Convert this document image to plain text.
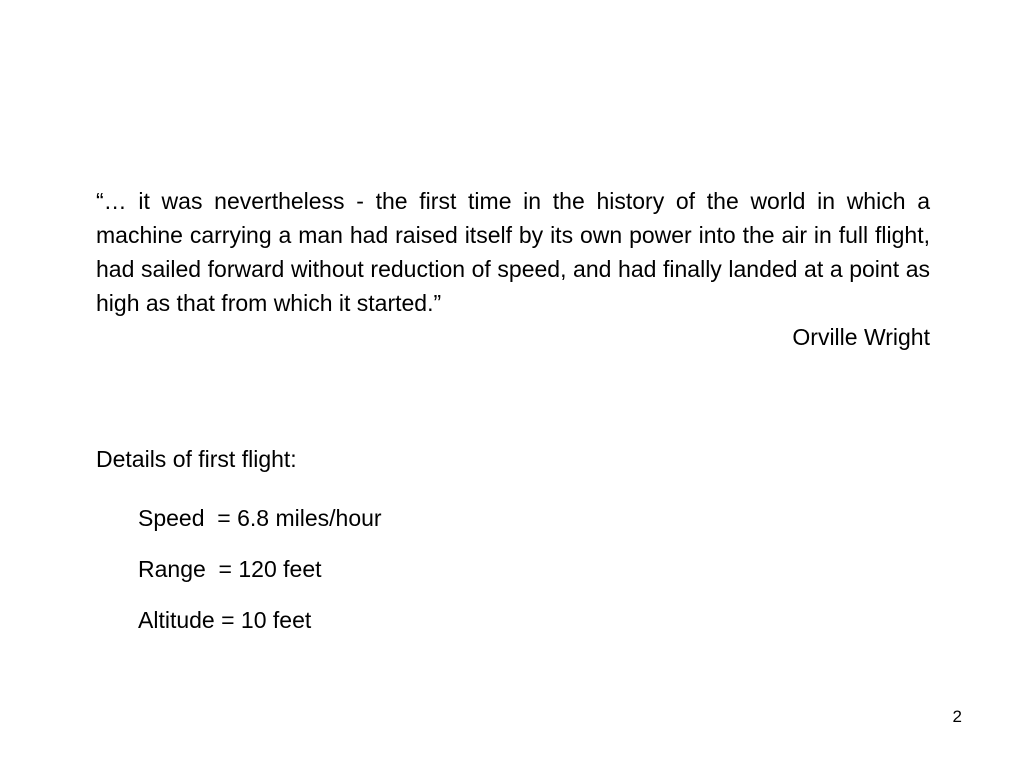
“… it was nevertheless - the first time in the history of the world in which a machine carrying a man had raised itself by its own power into the air in full flight, had sailed forward without reduction of speed, and had finally landed at a point as high as that from which it started.”

Orville Wright

Details of first flight:
Speed  = 6.8 miles/hour
Range  = 120 feet
Altitude = 10 feet
2
